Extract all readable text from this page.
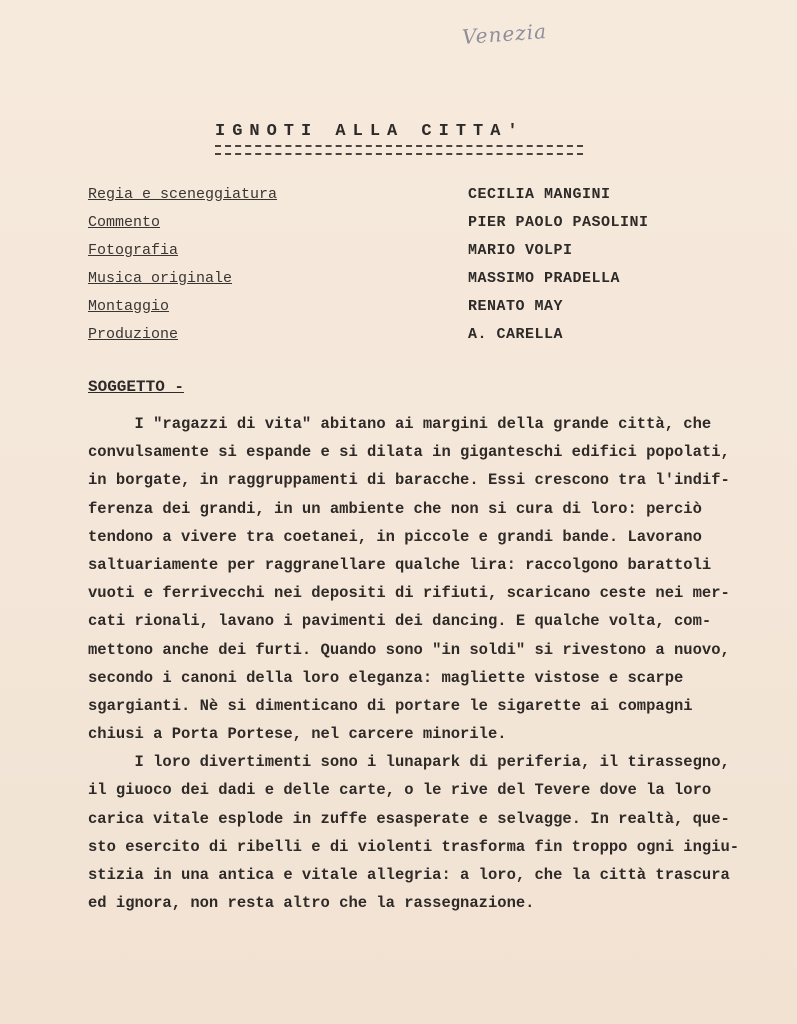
Venezia
IGNOTI ALLA CITTA'
Regia e sceneggiatura	CECILIA MANGINI
Commento	PIER PAOLO PASOLINI
Fotografia	MARIO VOLPI
Musica originale	MASSIMO PRADELLA
Montaggio	RENATO MAY
Produzione	A. CARELLA
SOGGETTO -
I "ragazzi di vita" abitano ai margini della grande città, che
convulsamente si espande e si dilata in giganteschi edifici popolati,
in borgate, in raggruppamenti di baracche. Essi crescono tra l'indif-
ferenza dei grandi, in un ambiente che non si cura di loro: perciò
tendono a vivere tra coetanei, in piccole e grandi bande. Lavorano
saltuariamente per raggranellare qualche lira: raccolgono barattoli
vuoti e ferrivecchi nei depositi di rifiuti, scaricano ceste nei mer-
cati rionali, lavano i pavimenti dei dancing. E qualche volta, com-
mettono anche dei furti. Quando sono "in soldi" si rivestono a nuovo,
secondo i canoni della loro eleganza: magliette vistose e scarpe
sgargianti. Nè si dimenticano di portare le sigarette ai compagni
chiusi a Porta Portese, nel carcere minorile.
I loro divertimenti sono i lunapark di periferia, il tirassegno,
il giuoco dei dadi e delle carte, o le rive del Tevere dove la loro
carica vitale esplode in zuffe esasperate e selvagge. In realtà, que-
sto esercito di ribelli e di violenti trasforma fin troppo ogni ingiu-
stizia in una antica e vitale allegria: a loro, che la città trascura
ed ignora, non resta altro che la rassegnazione.
